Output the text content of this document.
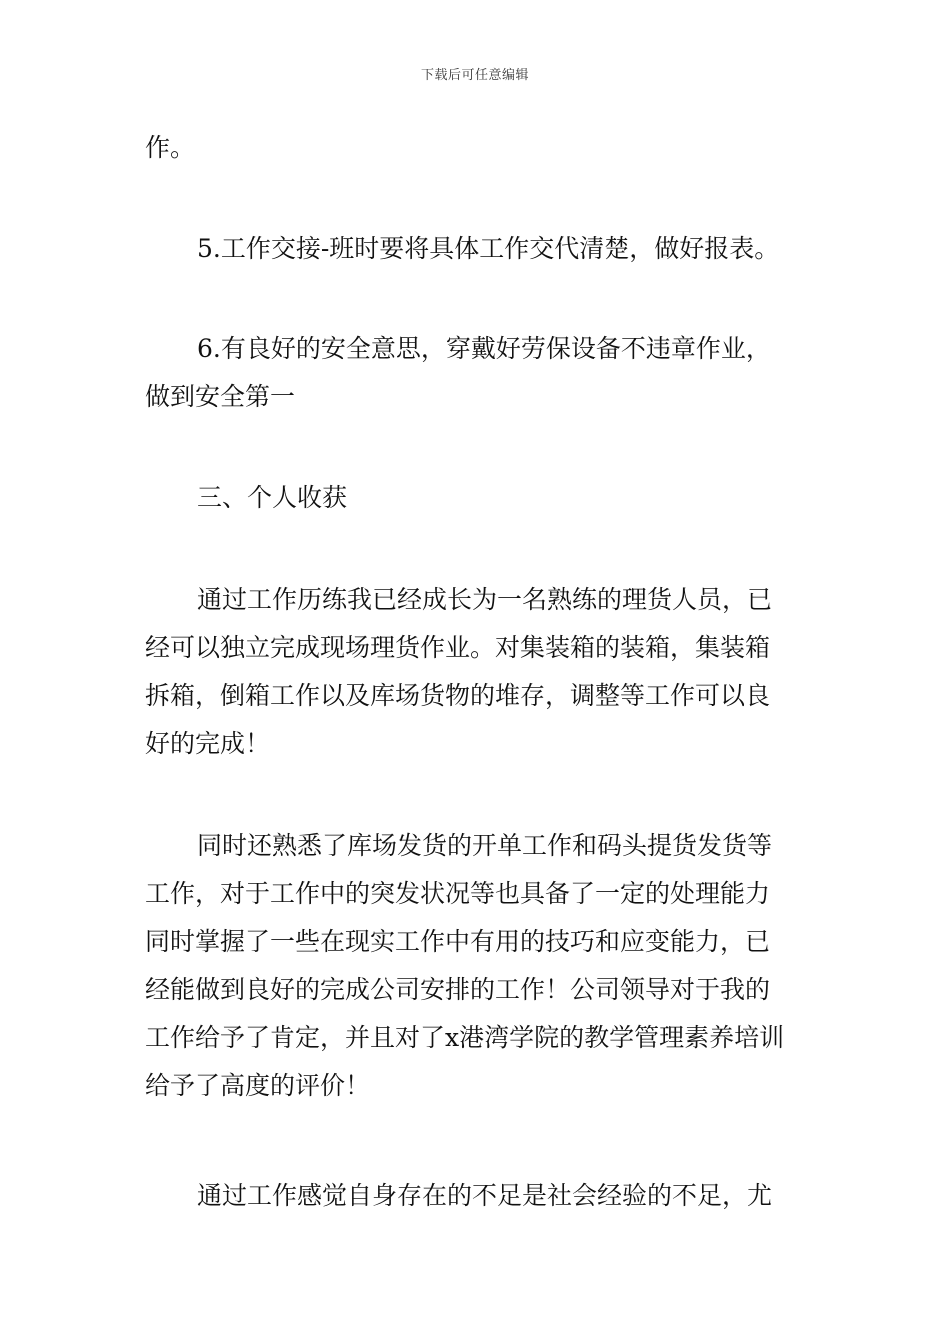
下载后可任意编辑
作。
5.工作交接-班时要将具体工作交代清楚，做好报表。
6.有良好的安全意思，穿戴好劳保设备不违章作业，
做到安全第一
三、个人收获
通过工作历练我已经成长为一名熟练的理货人员，已
经可以独立完成现场理货作业。对集装箱的装箱，集装箱
拆箱，倒箱工作以及库场货物的堆存，调整等工作可以良
好的完成！
同时还熟悉了库场发货的开单工作和码头提货发货等
工作，对于工作中的突发状况等也具备了一定的处理能力
同时掌握了一些在现实工作中有用的技巧和应变能力，已
经能做到良好的完成公司安排的工作！公司领导对于我的
工作给予了肯定，并且对了x港湾学院的教学管理素养培训
给予了高度的评价！
通过工作感觉自身存在的不足是社会经验的不足，尤
